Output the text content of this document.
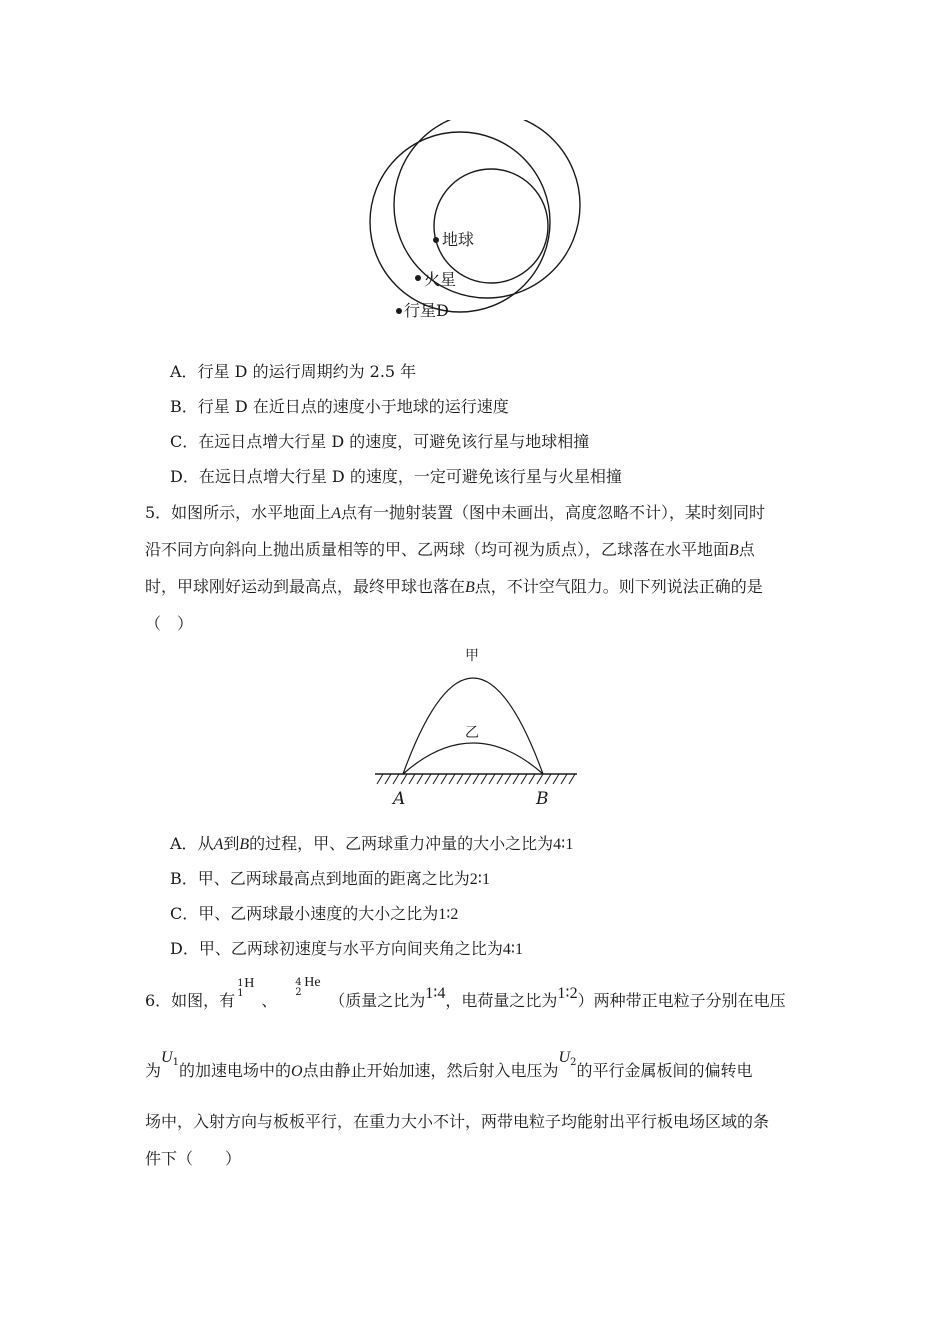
地球
火星
行星D
A．行星 D 的运行周期约为 2.5 年
B．行星 D 在近日点的速度小于地球的运行速度
C．在远日点增大行星 D 的速度，可避免该行星与地球相撞
D．在远日点增大行星 D 的速度，一定可避免该行星与火星相撞
5．如图所示，水平地面上A点有一抛射装置（图中未画出，高度忽略不计），某时刻同时
沿不同方向斜向上抛出质量相等的甲、乙两球（均可视为质点），乙球落在水平地面B点
时，甲球刚好运动到最高点，最终甲球也落在B点，不计空气阻力。则下列说法正确的是
（　）
甲
乙
A	B
A．从A到B的过程，甲、乙两球重力冲量的大小之比为4∶1
B．甲、乙两球最高点到地面的距离之比为2∶1
C．甲、乙两球最小速度的大小之比为1∶2
D．甲、乙两球初速度与水平方向间夹角之比为4∶1
6．如图，有
1
1
H
、
4
2
He
（质量之比为1∶4，电荷量之比为1∶2）两种带正电粒子分别在电压
为U1的加速电场中的O点由静止开始加速，然后射入电压为U2的平行金属板间的偏转电
场中，入射方向与板板平行，在重力大小不计，两带电粒子均能射出平行板电场区域的条
件下（　　）
